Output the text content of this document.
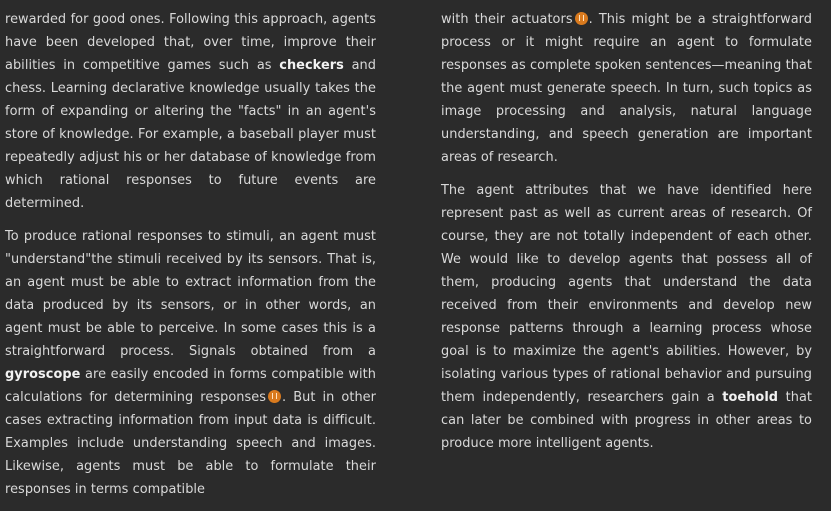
rewarded for good ones. Following this approach, agents have been developed that, over time, improve their abilities in competitive games such as checkers and chess. Learning declarative knowledge usually takes the form of expanding or altering the "facts" in an agent's store of knowledge. For example, a baseball player must repeatedly adjust his or her database of knowledge from which rational responses to future events are determined.

To produce rational responses to stimuli, an agent must "understand"the stimuli received by its sensors. That is, an agent must be able to extract information from the data produced by its sensors, or in other words, an agent must be able to perceive. In some cases this is a straightforward process. Signals obtained from a gyroscope are easily encoded in forms compatible with calculations for determining responses . But in other cases extracting information from input data is difficult. Examples include understanding speech and images. Likewise, agents must be able to formulate their responses in terms compatible

with their actuators . This might be a straightforward process or it might require an agent to formulate responses as complete spoken sentences—meaning that the agent must generate speech. In turn, such topics as image processing and analysis, natural language understanding, and speech generation are important areas of research.

The agent attributes that we have identified here represent past as well as current areas of research. Of course, they are not totally independent of each other. We would like to develop agents that possess all of them, producing agents that understand the data received from their environments and develop new response patterns through a learning process whose goal is to maximize the agent's abilities. However, by isolating various types of rational behavior and pursuing them independently, researchers gain a toehold that can later be combined with progress in other areas to produce more intelligent agents.
